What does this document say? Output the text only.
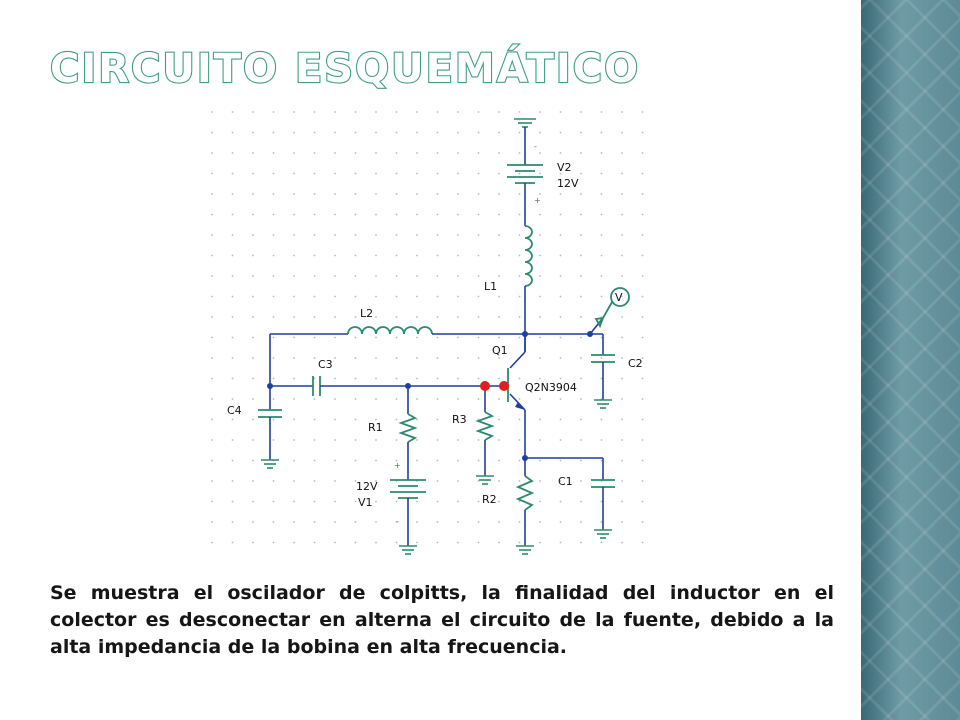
CIRCUITO ESQUEMÁTICO
-
+
V2
12V
L1
L2
V
C2
Q1
Q2N3904
C3
C4
R1
+
12V
V1
-
R3
R2
C1

Se muestra el oscilador de colpitts, la finalidad del inductor en el colector es desconectar en alterna el circuito de la fuente, debido a la alta impedancia de la bobina en alta frecuencia.
